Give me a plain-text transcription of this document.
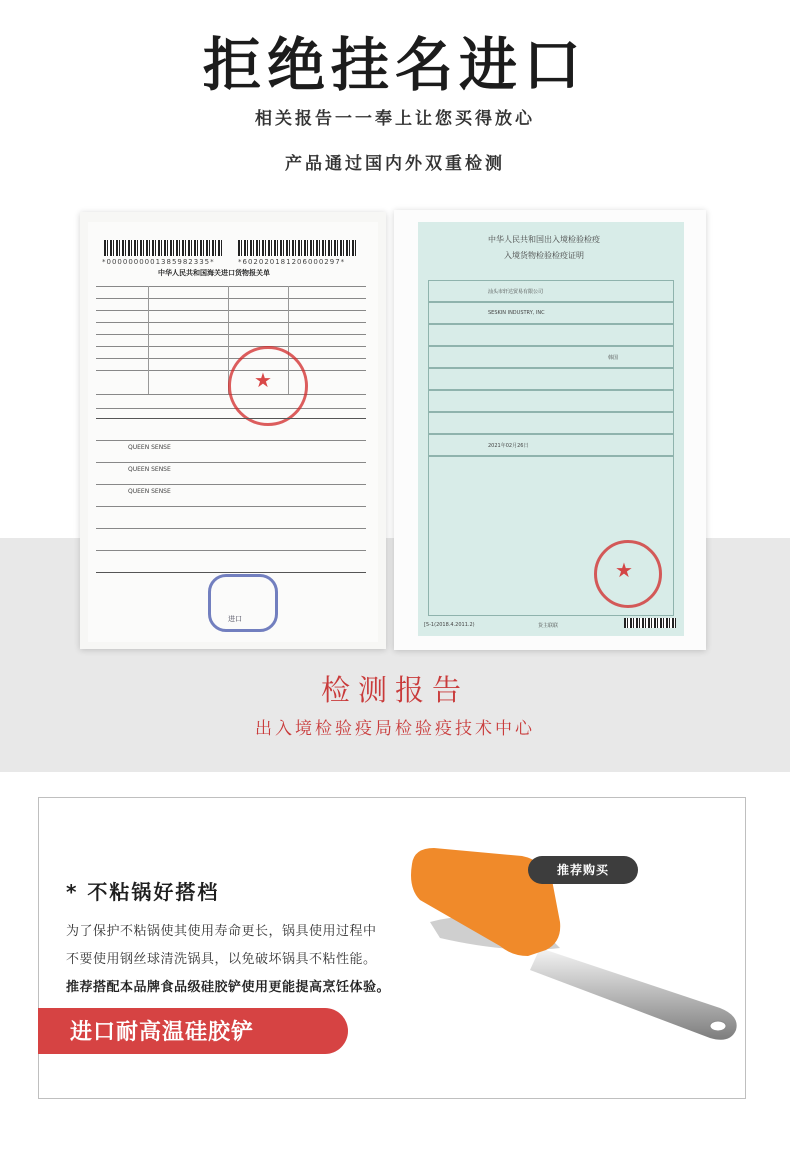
拒绝挂名进口
相关报告一一奉上让您买得放心
产品通过国内外双重检测
*0000000001385982335*	*602020181206000297*
中华人民共和国海关进口货物报关单
★
QUEEN SENSE
QUEEN SENSE
QUEEN SENSE
进口
中华人民共和国出入境检验检疫
入境货物检验检疫证明
汕头市轩达贸易有限公司
SESKIN INDUSTRY, INC
韩国
2021年02月26日
★
[5-1(2018.4.2011.2)	货主联联
检测报告
出入境检验疫局检验疫技术中心
* 不粘锅好搭档
为了保护不粘锅使其使用寿命更长，锅具使用过程中
不要使用钢丝球清洗锅具，以免破坏锅具不粘性能。
推荐搭配本品牌食品级硅胶铲使用更能提高烹饪体验。
进口耐高温硅胶铲
推荐购买
